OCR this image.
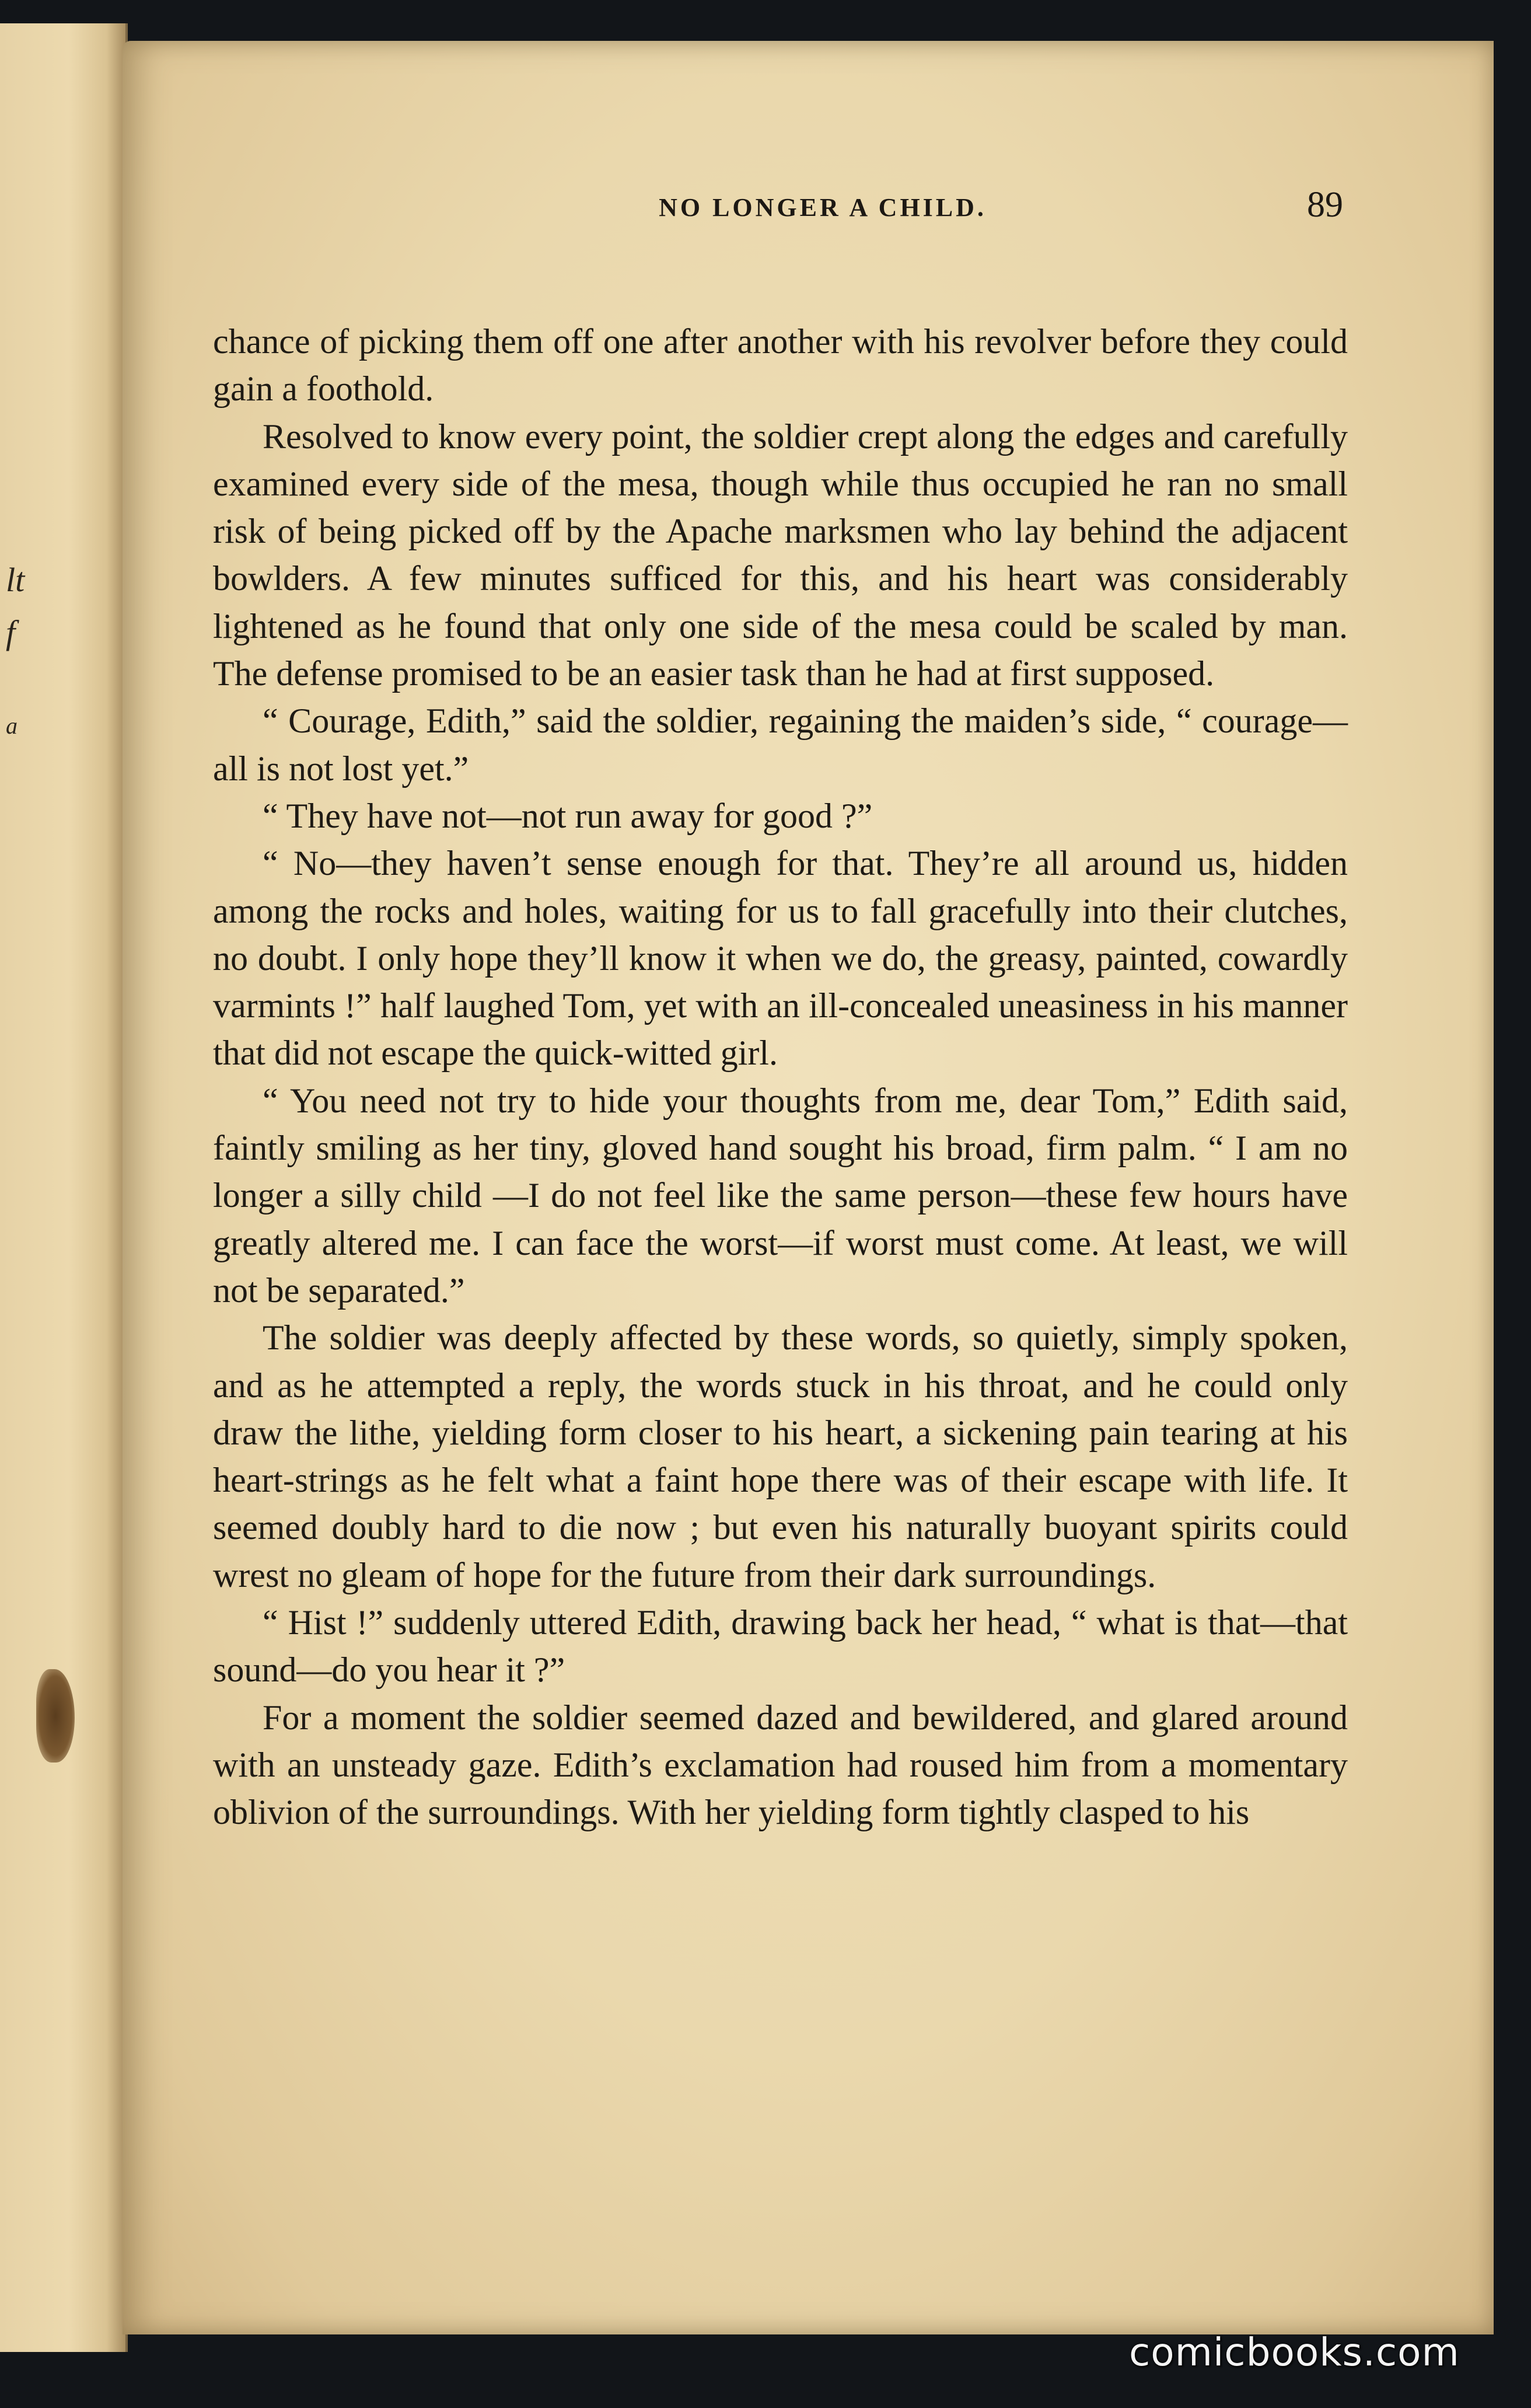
lt
f
a
NO LONGER A CHILD.	89

chance of picking them off one after another with his revolver before they could gain a foothold.

Resolved to know every point, the soldier crept along the edges and carefully examined every side of the mesa, though while thus occupied he ran no small risk of being picked off by the Apache marksmen who lay behind the adjacent bowlders. A few minutes sufficed for this, and his heart was considerably lightened as he found that only one side of the mesa could be scaled by man. The defense promised to be an easier task than he had at first supposed.

“ Courage, Edith,” said the soldier, regaining the maiden’s side, “ courage—all is not lost yet.”

“ They have not—not run away for good ?”

“ No—they haven’t sense enough for that. They’re all around us, hidden among the rocks and holes, waiting for us to fall gracefully into their clutches, no doubt. I only hope they’ll know it when we do, the greasy, painted, cowardly varmints !” half laughed Tom, yet with an ill-concealed uneasiness in his manner that did not escape the quick-witted girl.

“ You need not try to hide your thoughts from me, dear Tom,” Edith said, faintly smiling as her tiny, gloved hand sought his broad, firm palm. “ I am no longer a silly child —I do not feel like the same person—these few hours have greatly altered me. I can face the worst—if worst must come. At least, we will not be separated.”

The soldier was deeply affected by these words, so quietly, simply spoken, and as he attempted a reply, the words stuck in his throat, and he could only draw the lithe, yielding form closer to his heart, a sickening pain tearing at his heart-strings as he felt what a faint hope there was of their escape with life. It seemed doubly hard to die now ; but even his naturally buoyant spirits could wrest no gleam of hope for the future from their dark surroundings.

“ Hist !” suddenly uttered Edith, drawing back her head, “ what is that—that sound—do you hear it ?”

For a moment the soldier seemed dazed and bewildered, and glared around with an unsteady gaze. Edith’s exclamation had roused him from a momentary oblivion of the surroundings. With her yielding form tightly clasped to his

comicbooks.com
